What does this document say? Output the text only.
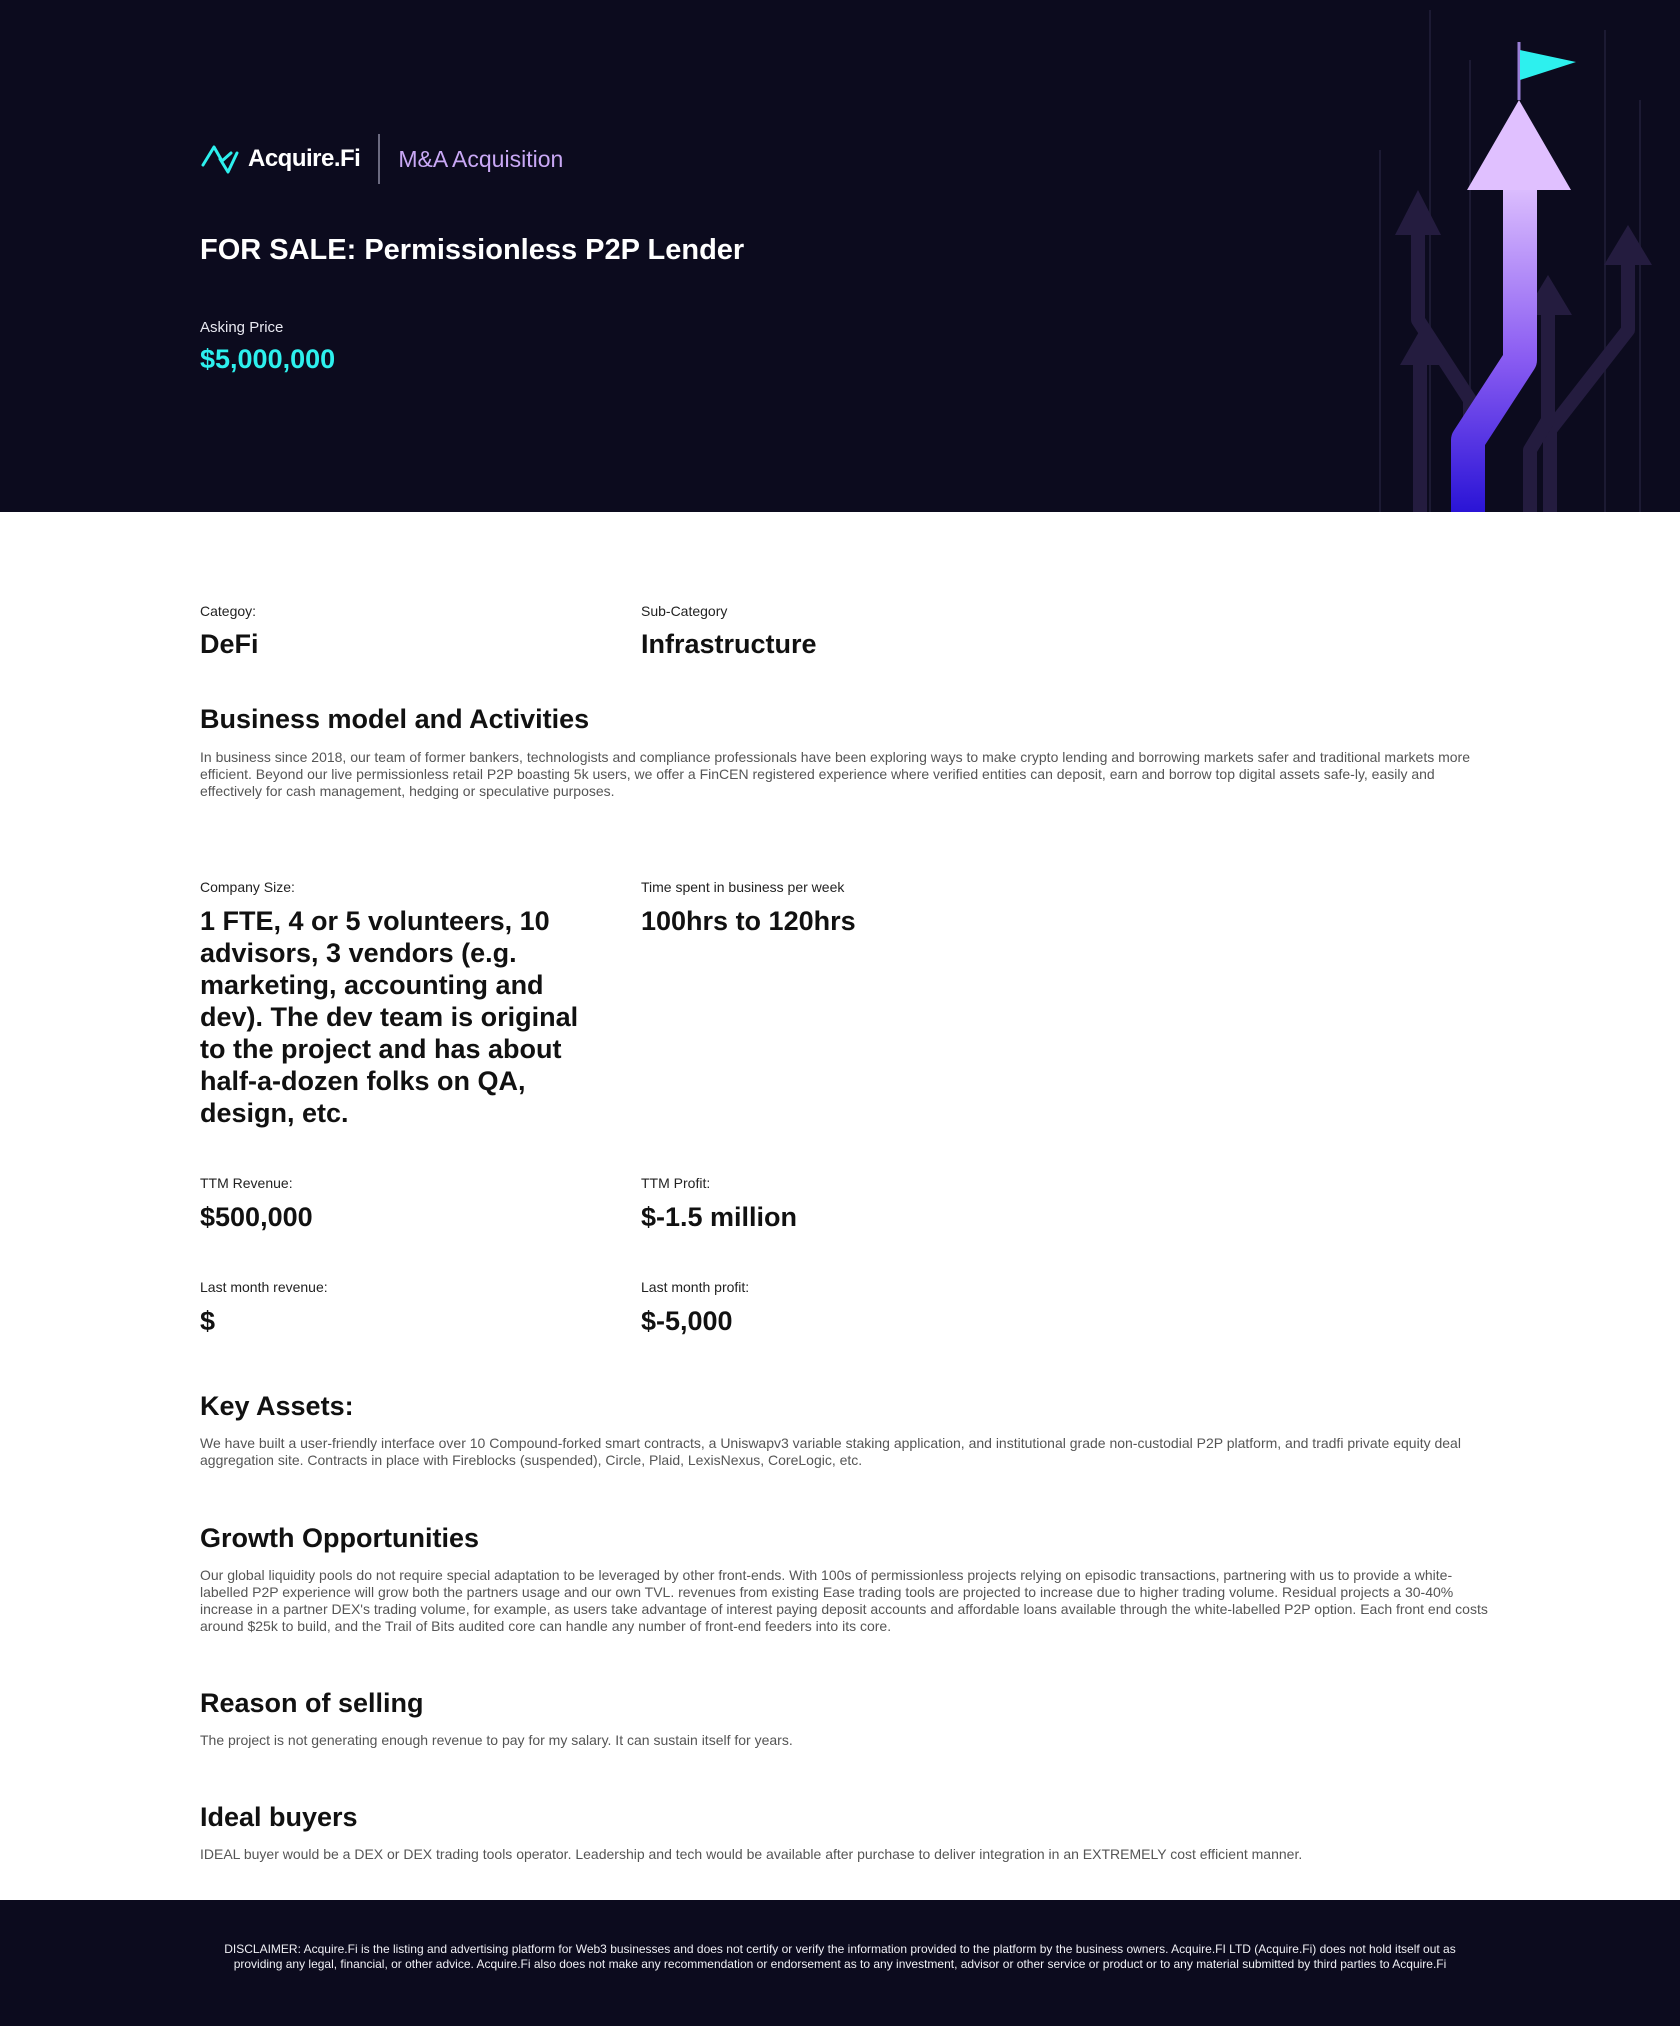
Acquire.Fi M&A Acquisition
FOR SALE: Permissionless P2P Lender
Asking Price
$5,000,000
Categoy:
DeFi
Sub-Category
Infrastructure
Business model and Activities
In business since 2018, our team of former bankers, technologists and compliance professionals have been exploring ways to make crypto lending and borrowing markets safer and traditional markets more efficient. Beyond our live permissionless retail P2P boasting 5k users, we offer a FinCEN registered experience where verified entities can deposit, earn and borrow top digital assets safe-ly, easily and effectively for cash management, hedging or speculative purposes.
Company Size:
1 FTE, 4 or 5 volunteers, 10 advisors, 3 vendors (e.g. marketing, accounting and dev). The dev team is original to the project and has about half-a-dozen folks on QA, design, etc.
Time spent in business per week
100hrs to 120hrs
TTM Revenue:
$500,000
TTM Profit:
$-1.5 million
Last month revenue:
$
Last month profit:
$-5,000
Key Assets:
We have built a user-friendly interface over 10 Compound-forked smart contracts, a Uniswapv3 variable staking application, and institutional grade non-custodial P2P platform, and tradfi private equity deal aggregation site. Contracts in place with Fireblocks (suspended), Circle, Plaid, LexisNexus, CoreLogic, etc.
Growth Opportunities
Our global liquidity pools do not require special adaptation to be leveraged by other front-ends. With 100s of permissionless projects relying on episodic transactions, partnering with us to provide a white-labelled P2P experience will grow both the partners usage and our own TVL. revenues from existing Ease trading tools are projected to increase due to higher trading volume. Residual projects a 30-40% increase in a partner DEX's trading volume, for example, as users take advantage of interest paying deposit accounts and affordable loans available through the white-labelled P2P option. Each front end costs around $25k to build, and the Trail of Bits audited core can handle any number of front-end feeders into its core.
Reason of selling
The project is not generating enough revenue to pay for my salary. It can sustain itself for years.
Ideal buyers
IDEAL buyer would be a DEX or DEX trading tools operator. Leadership and tech would be available after purchase to deliver integration in an EXTREMELY cost efficient manner.
DISCLAIMER: Acquire.Fi is the listing and advertising platform for Web3 businesses and does not certify or verify the information provided to the platform by the business owners. Acquire.FI LTD (Acquire.Fi) does not hold itself out as providing any legal, financial, or other advice. Acquire.Fi also does not make any recommendation or endorsement as to any investment, advisor or other service or product or to any material submitted by third parties to Acquire.Fi
